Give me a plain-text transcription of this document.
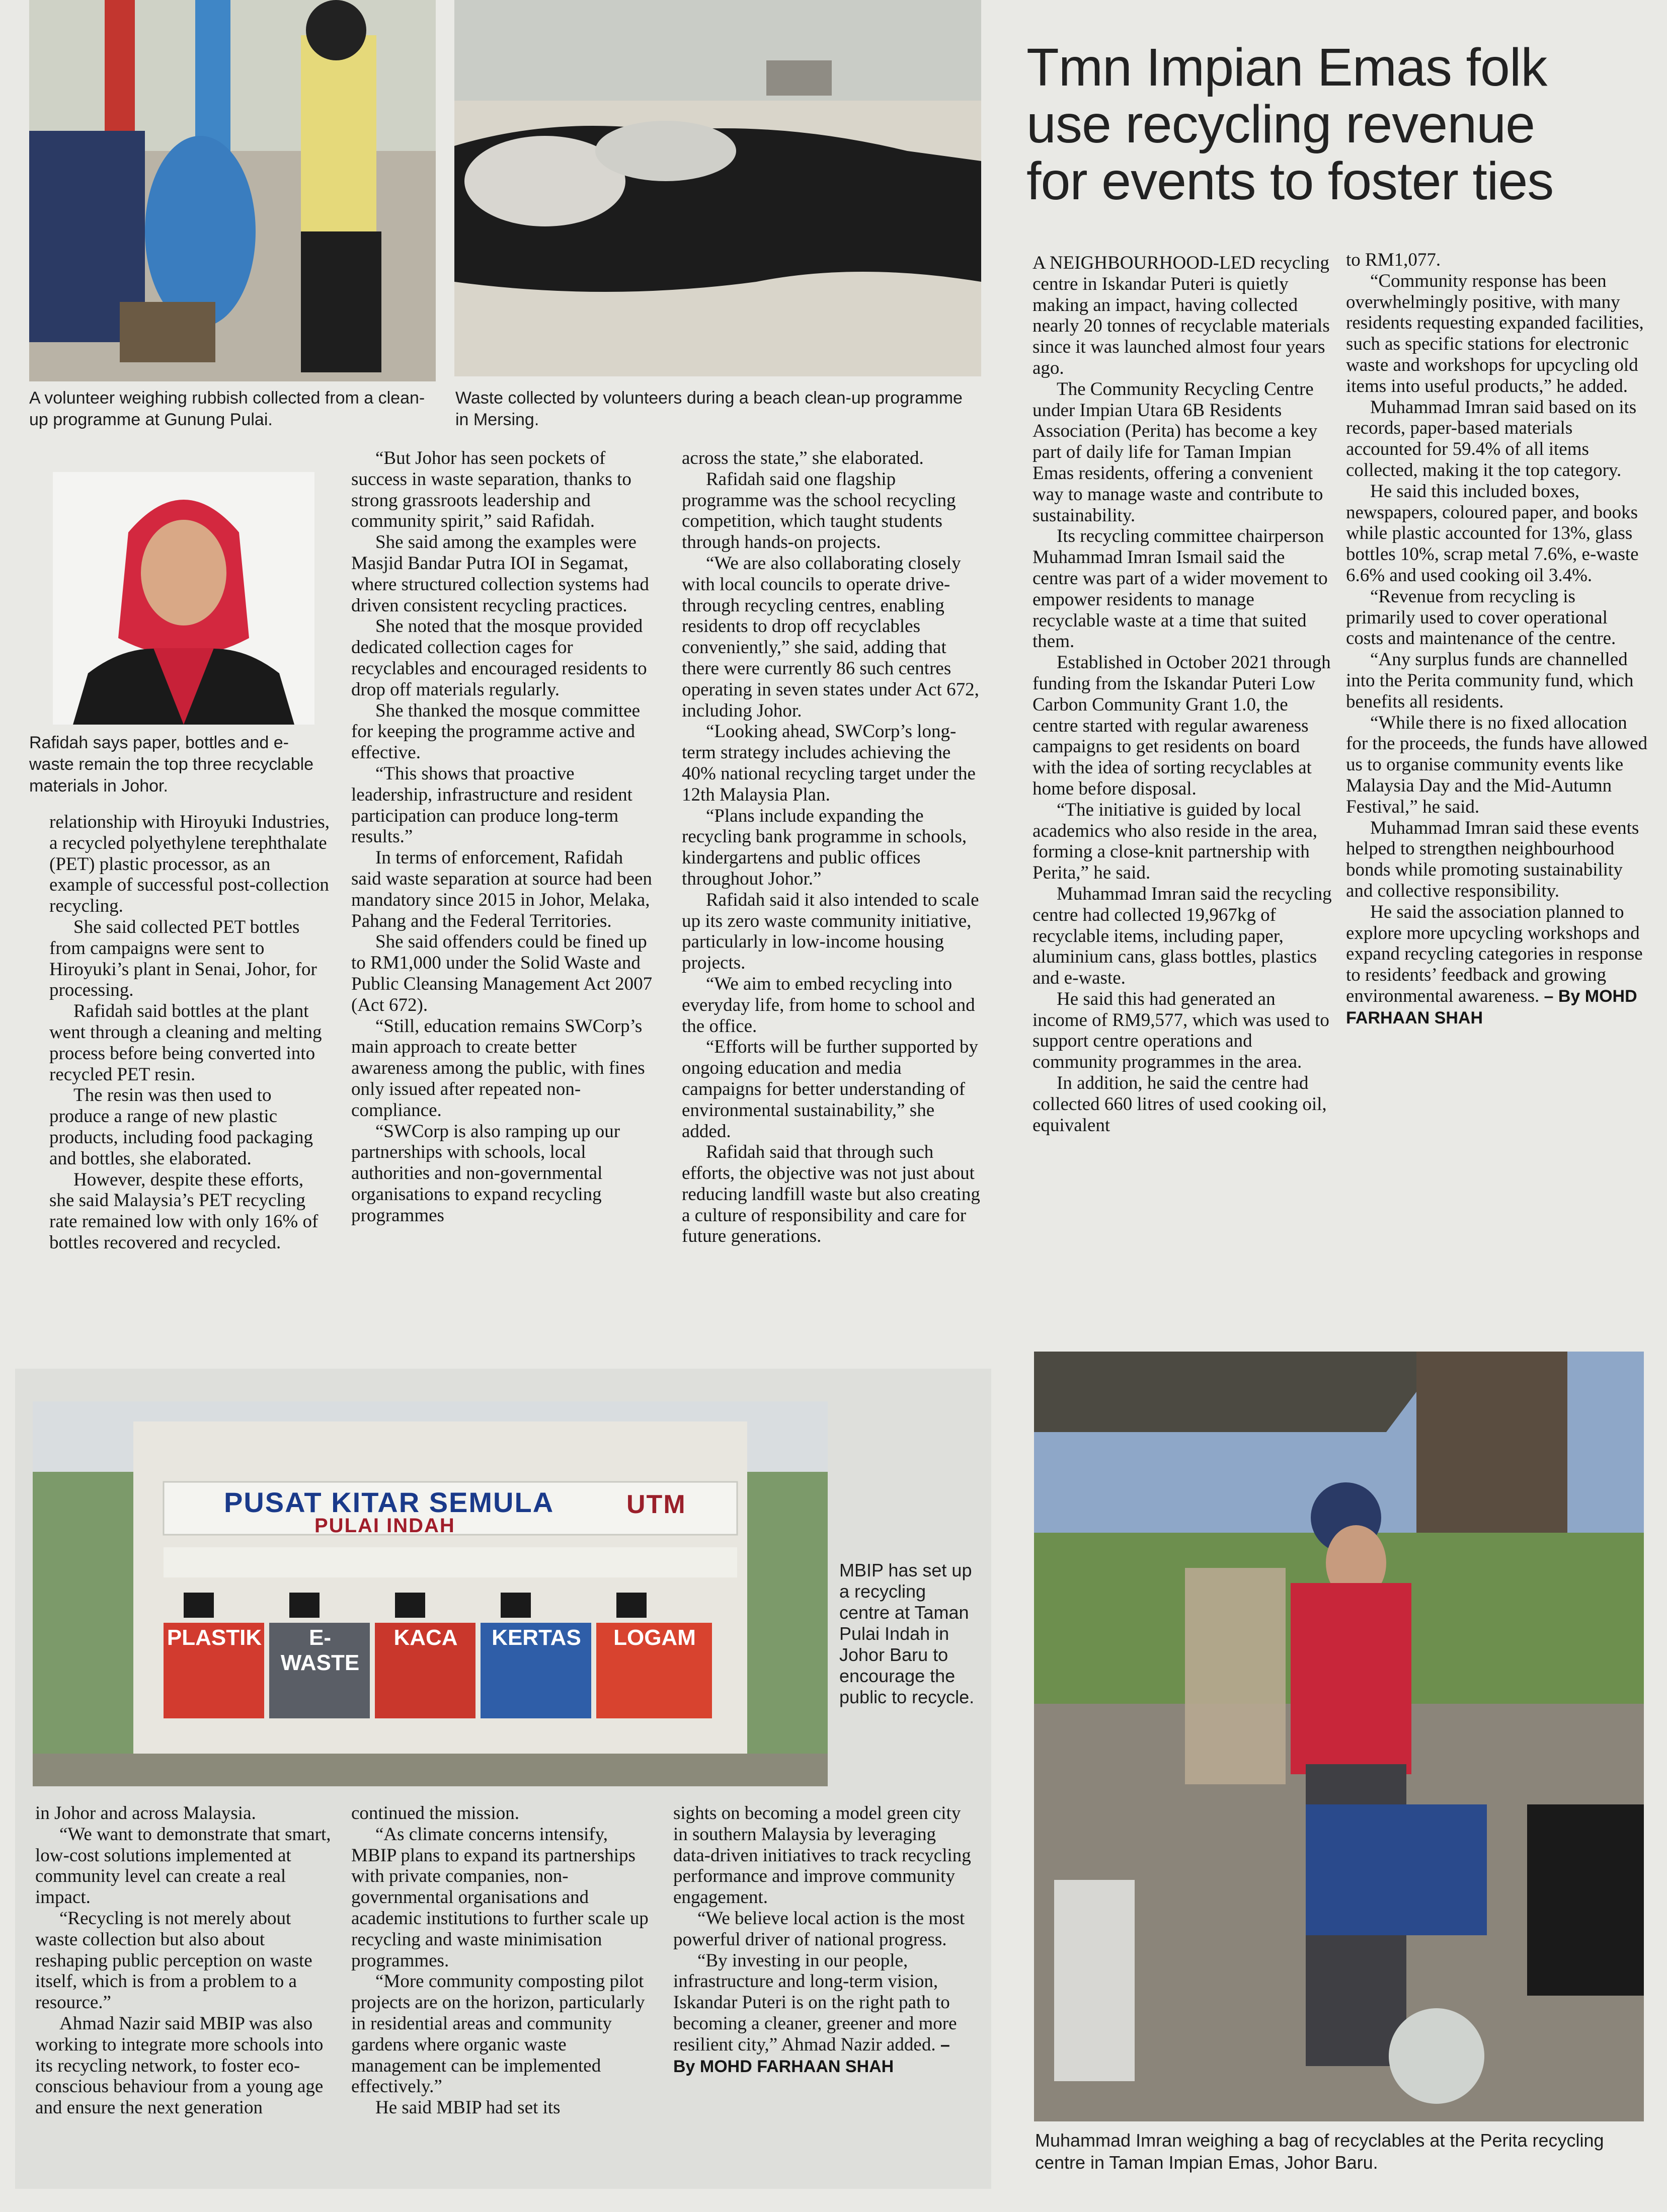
A volunteer weighing rubbish collected from a clean-up programme at Gunung Pulai.
Waste collected by volunteers during a beach clean-up programme in Mersing.
Tmn Impian Emas folk
use recycling revenue
for events to foster ties
Rafidah says paper, bottles and e-waste remain the top three recyclable materials in Johor.

relationship with Hiroyuki Industries, a recycled polyethylene terephthalate (PET) plastic processor, as an example of successful post-collection recycling.

She said collected PET bottles from campaigns were sent to Hiroyuki’s plant in Senai, Johor, for processing.

Rafidah said bottles at the plant went through a cleaning and melting process before being converted into recycled PET resin.

The resin was then used to produce a range of new plastic products, including food packaging and bottles, she elaborated.

However, despite these efforts, she said Malaysia’s PET recycling rate remained low with only 16% of bottles recovered and recycled.

“But Johor has seen pockets of success in waste separation, thanks to strong grassroots leadership and community spirit,” said Rafidah.

She said among the examples were Masjid Bandar Putra IOI in Segamat, where structured collection systems had driven consistent recycling practices.

She noted that the mosque provided dedicated collection cages for recyclables and encouraged residents to drop off materials regularly.

She thanked the mosque committee for keeping the programme active and effective.

“This shows that proactive leadership, infrastructure and resident participation can produce long-term results.”

In terms of enforcement, Rafidah said waste separation at source had been mandatory since 2015 in Johor, Melaka, Pahang and the Federal Territories.

She said offenders could be fined up to RM1,000 under the Solid Waste and Public Cleansing Management Act 2007 (Act 672).

“Still, education remains SWCorp’s main approach to create better awareness among the public, with fines only issued after repeated non-compliance.

“SWCorp is also ramping up our partnerships with schools, local authorities and non-governmental organisations to expand recycling programmes

across the state,” she elaborated.

Rafidah said one flagship programme was the school recycling competition, which taught students through hands-on projects.

“We are also collaborating closely with local councils to operate drive-through recycling centres, enabling residents to drop off recyclables conveniently,” she said, adding that there were currently 86 such centres operating in seven states under Act 672, including Johor.

“Looking ahead, SWCorp’s long-term strategy includes achieving the 40% national recycling target under the 12th Malaysia Plan.

“Plans include expanding the recycling bank programme in schools, kindergartens and public offices throughout Johor.”

Rafidah said it also intended to scale up its zero waste community initiative, particularly in low-income housing projects.

“We aim to embed recycling into everyday life, from home to school and the office.

“Efforts will be further supported by ongoing education and media campaigns for better understanding of environmental sustainability,” she added.

Rafidah said that through such efforts, the objective was not just about reducing landfill waste but also creating a culture of responsibility and care for future generations.

A NEIGHBOURHOOD-LED recycling centre in Iskandar Puteri is quietly making an impact, having collected nearly 20 tonnes of recyclable materials since it was launched almost four years ago.

The Community Recycling Centre under Impian Utara 6B Residents Association (Perita) has become a key part of daily life for Taman Impian Emas residents, offering a convenient way to manage waste and contribute to sustainability.

Its recycling committee chairperson Muhammad Imran Ismail said the centre was part of a wider movement to empower residents to manage recyclable waste at a time that suited them.

Established in October 2021 through funding from the Iskandar Puteri Low Carbon Community Grant 1.0, the centre started with regular awareness campaigns to get residents on board with the idea of sorting recyclables at home before disposal.

“The initiative is guided by local academics who also reside in the area, forming a close-knit partnership with Perita,” he said.

Muhammad Imran said the recycling centre had collected 19,967kg of recyclable items, including paper, aluminium cans, glass bottles, plastics and e-waste.

He said this had generated an income of RM9,577, which was used to support centre operations and community programmes in the area.

In addition, he said the centre had collected 660 litres of used cooking oil, equivalent

to RM1,077.

“Community response has been overwhelmingly positive, with many residents requesting expanded facilities, such as specific stations for electronic waste and workshops for upcycling old items into useful products,” he added.

Muhammad Imran said based on its records, paper-based materials accounted for 59.4% of all items collected, making it the top category.

He said this included boxes, newspapers, coloured paper, and books while plastic accounted for 13%, glass bottles 10%, scrap metal 7.6%, e-waste 6.6% and used cooking oil 3.4%.

“Revenue from recycling is primarily used to cover operational costs and maintenance of the centre.

“Any surplus funds are channelled into the Perita community fund, which benefits all residents.

“While there is no fixed allocation for the proceeds, the funds have allowed us to organise community events like Malaysia Day and the Mid-Autumn Festival,” he said.

Muhammad Imran said these events helped to strengthen neighbourhood bonds while promoting sustainability and collective responsibility.

He said the association planned to explore more upcycling workshops and expand recycling categories in response to residents’ feedback and growing environmental awareness. – By MOHD FARHAAN SHAH

PUSAT KITAR SEMULA	UTM
PULAI INDAH
PLASTIK	E-WASTE
KACA	KERTAS	LOGAM
MBIP has set up a recycling centre at Taman Pulai Indah in Johor Baru to encourage the public to recycle.

in Johor and across Malaysia.

“We want to demonstrate that smart, low-cost solutions implemented at community level can create a real impact.

“Recycling is not merely about waste collection but also about reshaping public perception on waste itself, which is from a problem to a resource.”

Ahmad Nazir said MBIP was also working to integrate more schools into its recycling network, to foster eco-conscious behaviour from a young age and ensure the next generation

continued the mission.

“As climate concerns intensify, MBIP plans to expand its partnerships with private companies, non-governmental organisations and academic institutions to further scale up recycling and waste minimisation programmes.

“More community composting pilot projects are on the horizon, particularly in residential areas and community gardens where organic waste management can be implemented effectively.”

He said MBIP had set its

sights on becoming a model green city in southern Malaysia by leveraging data-driven initiatives to track recycling performance and improve community engagement.

“We believe local action is the most powerful driver of national progress.

“By investing in our people, infrastructure and long-term vision, Iskandar Puteri is on the right path to becoming a cleaner, greener and more resilient city,” Ahmad Nazir added. – By MOHD FARHAAN SHAH

Muhammad Imran weighing a bag of recyclables at the Perita recycling centre in Taman Impian Emas, Johor Baru.
